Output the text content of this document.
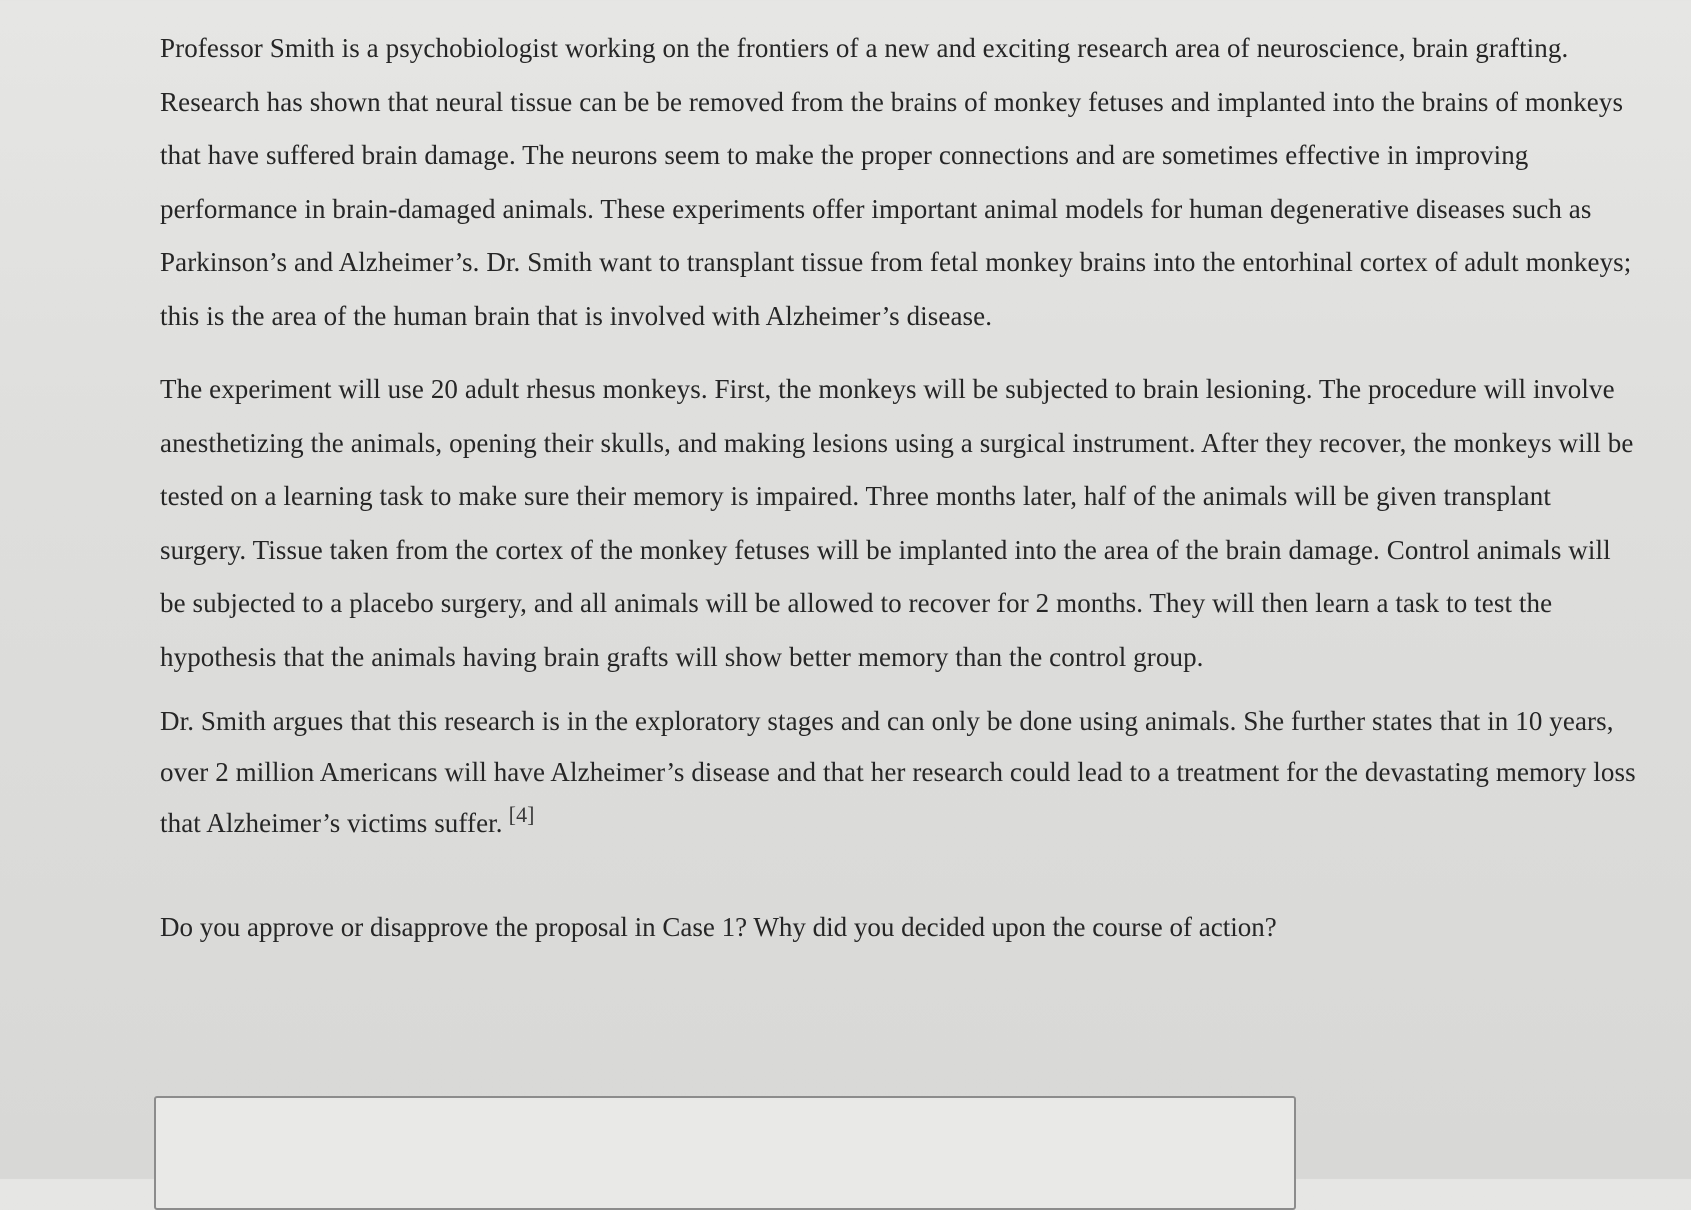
Professor Smith is a psychobiologist working on the frontiers of a new and exciting research area of neuroscience, brain grafting. Research has shown that neural tissue can be be removed from the brains of monkey fetuses and implanted into the brains of monkeys that have suffered brain damage. The neurons seem to make the proper connections and are sometimes effective in improving performance in brain-damaged animals. These experiments offer important animal models for human degenerative diseases such as Parkinson’s and Alzheimer’s. Dr. Smith want to transplant tissue from fetal monkey brains into the entorhinal cortex of adult monkeys; this is the area of the human brain that is involved with Alzheimer’s disease.

The experiment will use 20 adult rhesus monkeys. First, the monkeys will be subjected to brain lesioning. The procedure will involve anesthetizing the animals, opening their skulls, and making lesions using a surgical instrument. After they recover, the monkeys will be tested on a learning task to make sure their memory is impaired. Three months later, half of the animals will be given transplant surgery. Tissue taken from the cortex of the monkey fetuses will be implanted into the area of the brain damage. Control animals will be subjected to a placebo surgery, and all animals will be allowed to recover for 2 months. They will then learn a task to test the hypothesis that the animals having brain grafts will show better memory than the control group.

Dr. Smith argues that this research is in the exploratory stages and can only be done using animals. She further states that in 10 years, over 2 million Americans will have Alzheimer’s disease and that her research could lead to a treatment for the devastating memory loss that Alzheimer’s victims suffer. [4]

Do you approve or disapprove the proposal in Case 1? Why did you decided upon the course of action?
